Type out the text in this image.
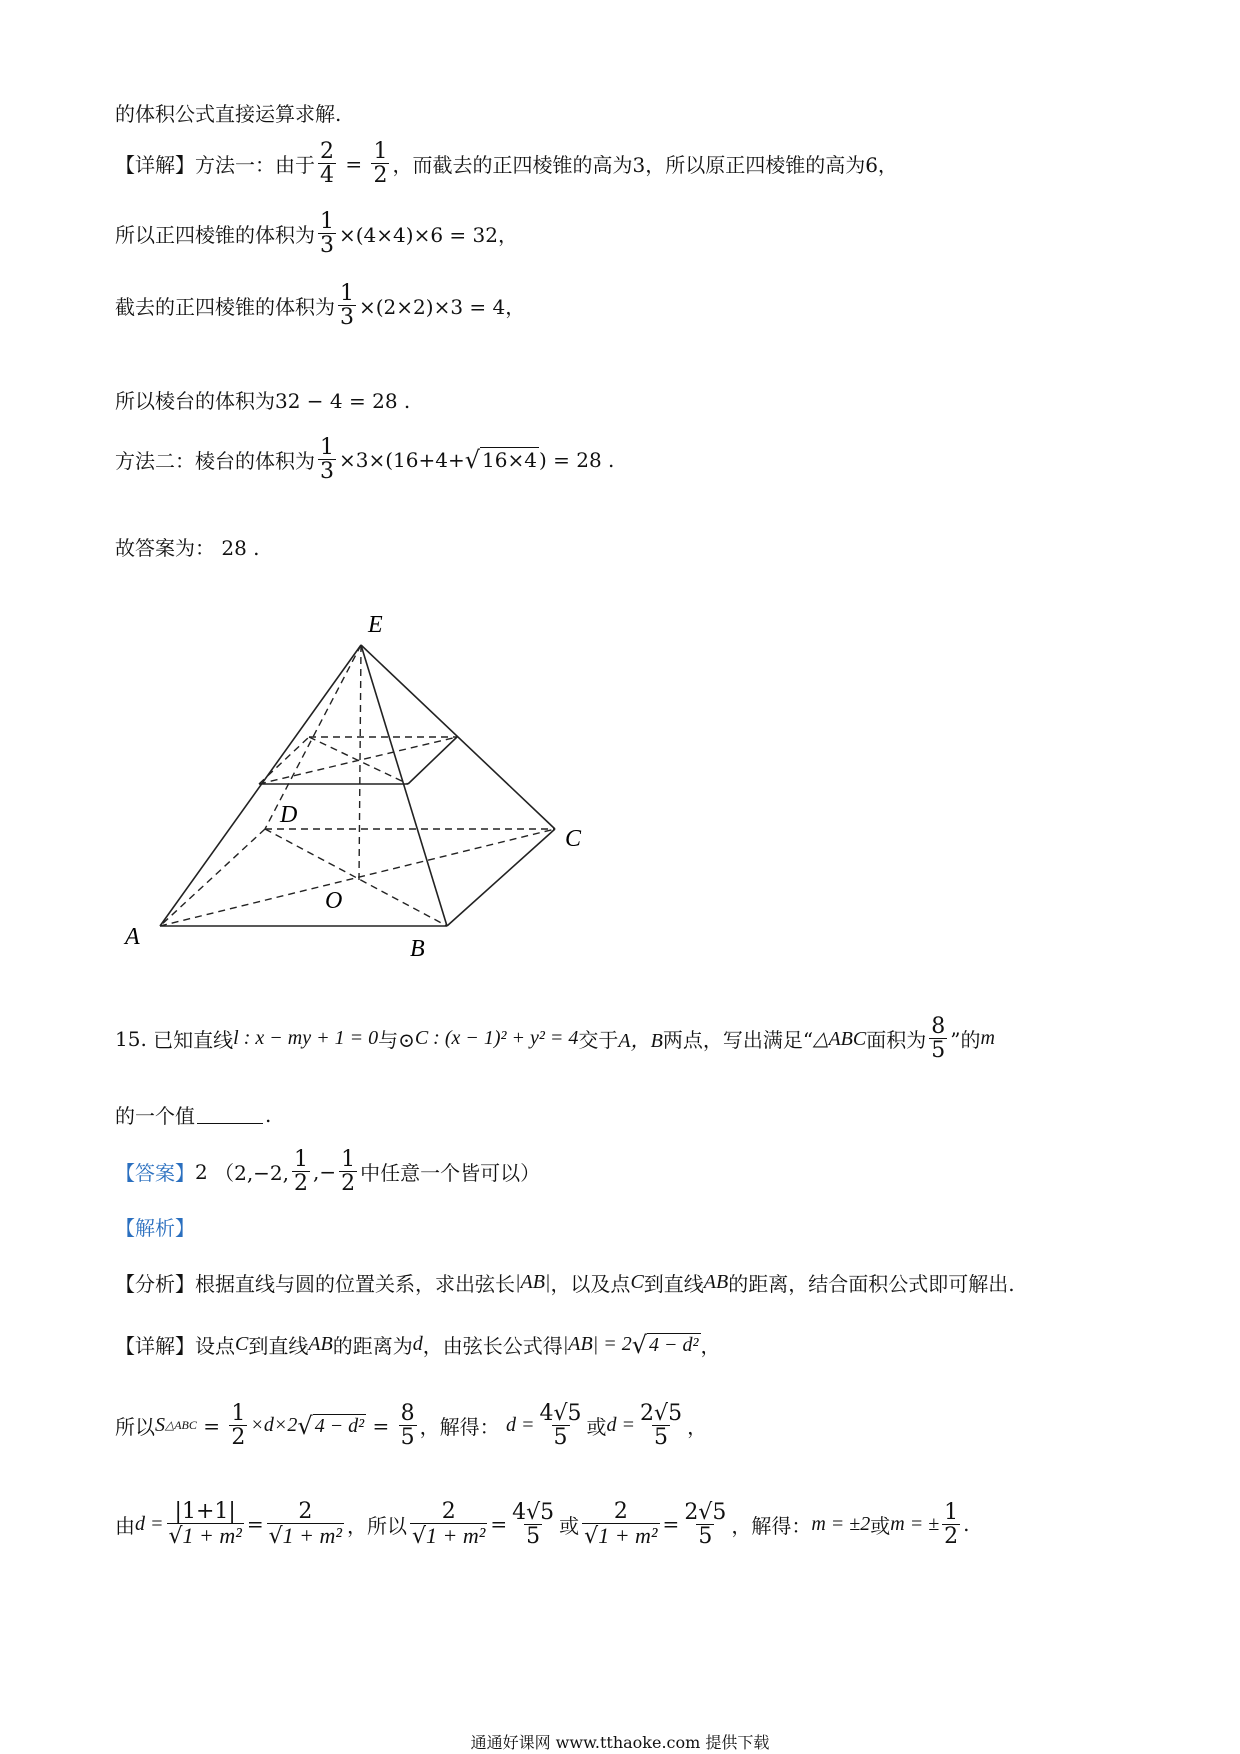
的体积公式直接运算求解.
【详解】方法一：由于 $\frac{2}{4} = \frac{1}{2}$ ，而截去的正四棱锥的高为3，所以原正四棱锥的高为6，
所以正四棱锥的体积为 $\frac{1}{3} \times(4\times 4)\times 6 = 32$，
截去的正四棱锥的体积为 $\frac{1}{3} \times(2\times 2)\times 3 = 4$，
所以棱台的体积为32 − 4 = 28 .
方法二：棱台的体积为 $\frac{1}{3} \times 3\times(16+4+$ √ 16×4 ) = 28 .
故答案为： 28 .
E
D
C
O
A	B
15.
已知直线 l : x − my + 1 = 0 与⊙ C : (x − 1)² + y² = 4 交于 A，B 两点，写出满足“ △ABC 面积为 $\frac{8}{5}$ ”的 m
的一个值	.
【答案】 2
（2,−2, $\frac{1}{2}$ ,− $\frac{1}{2}$ 中任意一个皆可以）
【解析】
【分析】 根据直线与圆的位置关系，求出弦长 |AB| ，以及点 C 到直线 AB 的距离，结合面积公式即可解出.
【详解】 设点 C 到直线 AB 的距离为 d ，由弦长公式得 |AB| = 2 √ 4 − d² ，
所以 S △ABC = $\frac{1}{2} \times d\times 2$ √ 4 − d²
=
$\frac{8}{5}$ ，解得：
$d = \frac{4√5}{5}$ 或 $d = \frac{2√5}{5}$ ，
由 $d = \frac{|1+1|}{\text{√1 + m²}} = \frac{2}{\text{√1 + m²}}$ ，所以 $\frac{2}{\text{√1 + m²}} = \frac{4√5}{5}$ 或 $\frac{2}{\text{√1 + m²}} = \frac{2√5}{5}$ ，解得： m = ±2 或 m = ± $\frac{1}{2}$ .
通通好课网 www.tthaoke.com 提供下载
